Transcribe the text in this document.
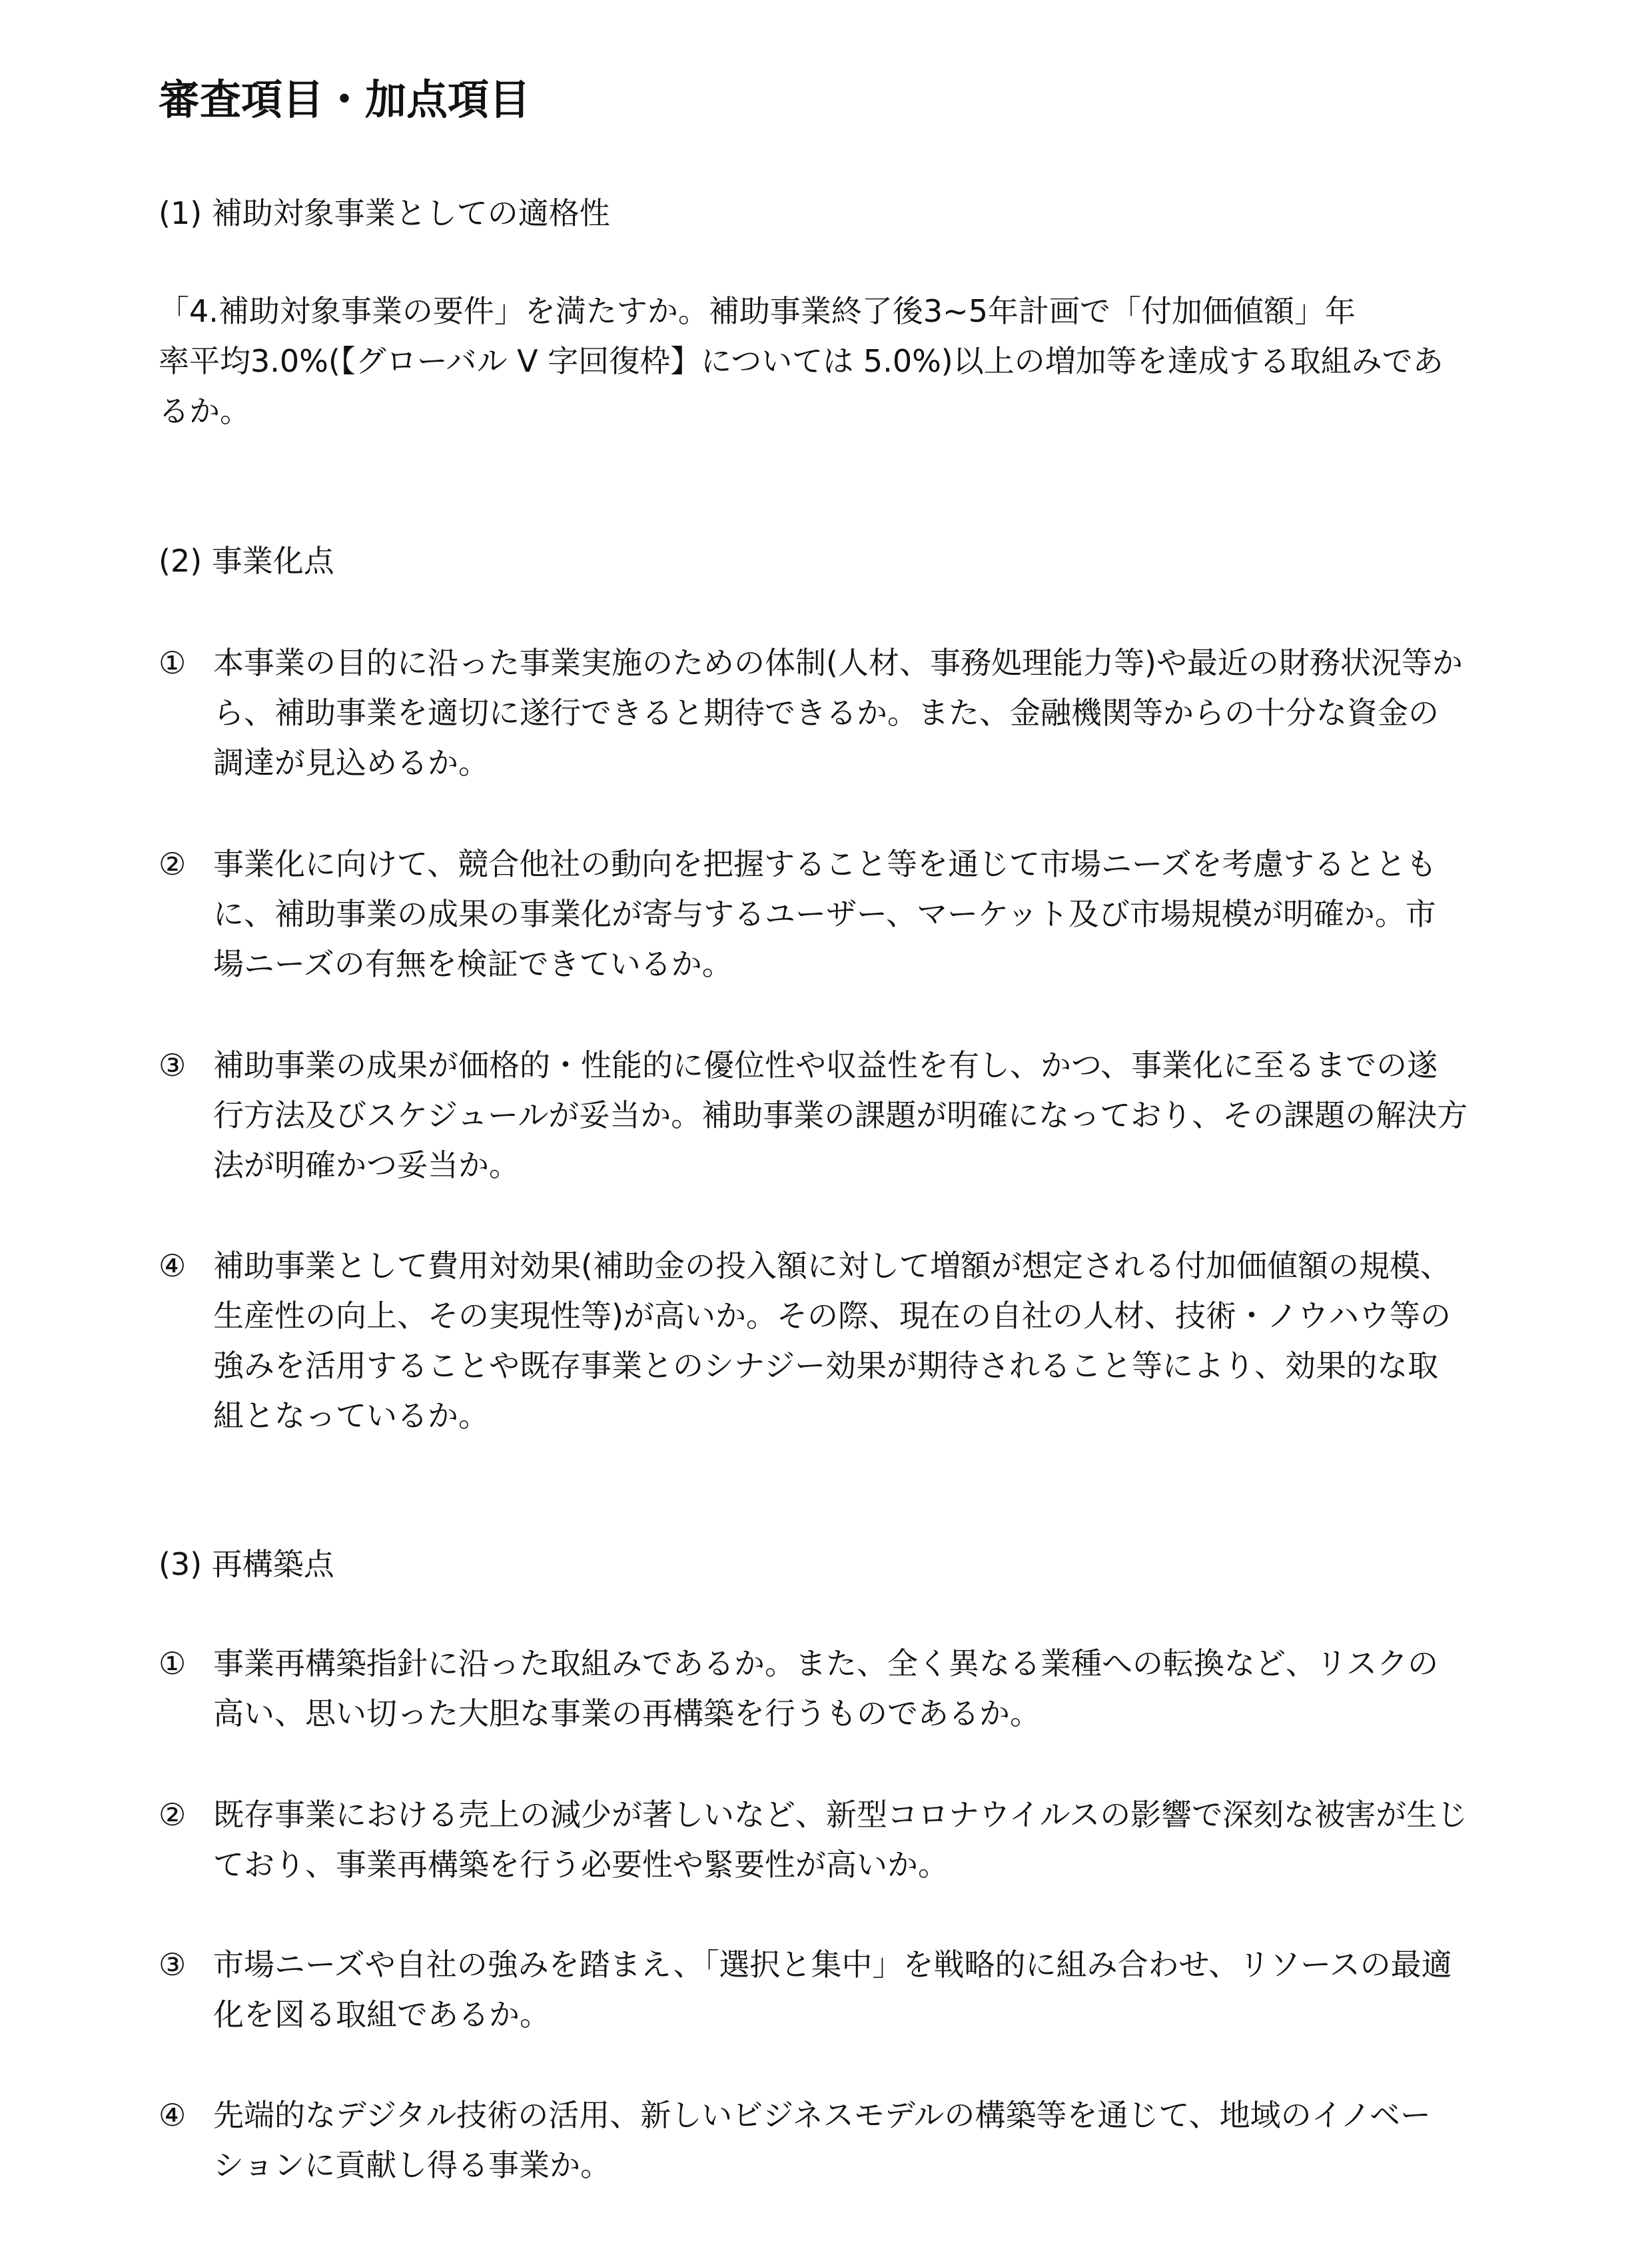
審査項目・加点項目
(1) 補助対象事業としての適格性
「4.補助対象事業の要件」を満たすか。補助事業終了後3~5年計画で「付加価値額」年
率平均3.0%(【グローバル V 字回復枠】については 5.0%)以上の増加等を達成する取組みであ
るか。
(2) 事業化点
① 本事業の目的に沿った事業実施のための体制(人材、事務処理能力等)や最近の財務状況等か
ら、補助事業を適切に遂行できると期待できるか。また、金融機関等からの十分な資金の
調達が見込めるか。
② 事業化に向けて、競合他社の動向を把握すること等を通じて市場ニーズを考慮するととも
に、補助事業の成果の事業化が寄与するユーザー、マーケット及び市場規模が明確か。市
場ニーズの有無を検証できているか。
③ 補助事業の成果が価格的・性能的に優位性や収益性を有し、かつ、事業化に至るまでの遂
行方法及びスケジュールが妥当か。補助事業の課題が明確になっており、その課題の解決方
法が明確かつ妥当か。
④ 補助事業として費用対効果(補助金の投入額に対して増額が想定される付加価値額の規模、
生産性の向上、その実現性等)が高いか。その際、現在の自社の人材、技術・ノウハウ等の
強みを活用することや既存事業とのシナジー効果が期待されること等により、効果的な取
組となっているか。
(3) 再構築点
① 事業再構築指針に沿った取組みであるか。また、全く異なる業種への転換など、リスクの
高い、思い切った大胆な事業の再構築を行うものであるか。
② 既存事業における売上の減少が著しいなど、新型コロナウイルスの影響で深刻な被害が生じ
ており、事業再構築を行う必要性や緊要性が高いか。
③ 市場ニーズや自社の強みを踏まえ、「選択と集中」を戦略的に組み合わせ、リソースの最適
化を図る取組であるか。
④ 先端的なデジタル技術の活用、新しいビジネスモデルの構築等を通じて、地域のイノベー
ションに貢献し得る事業か。
